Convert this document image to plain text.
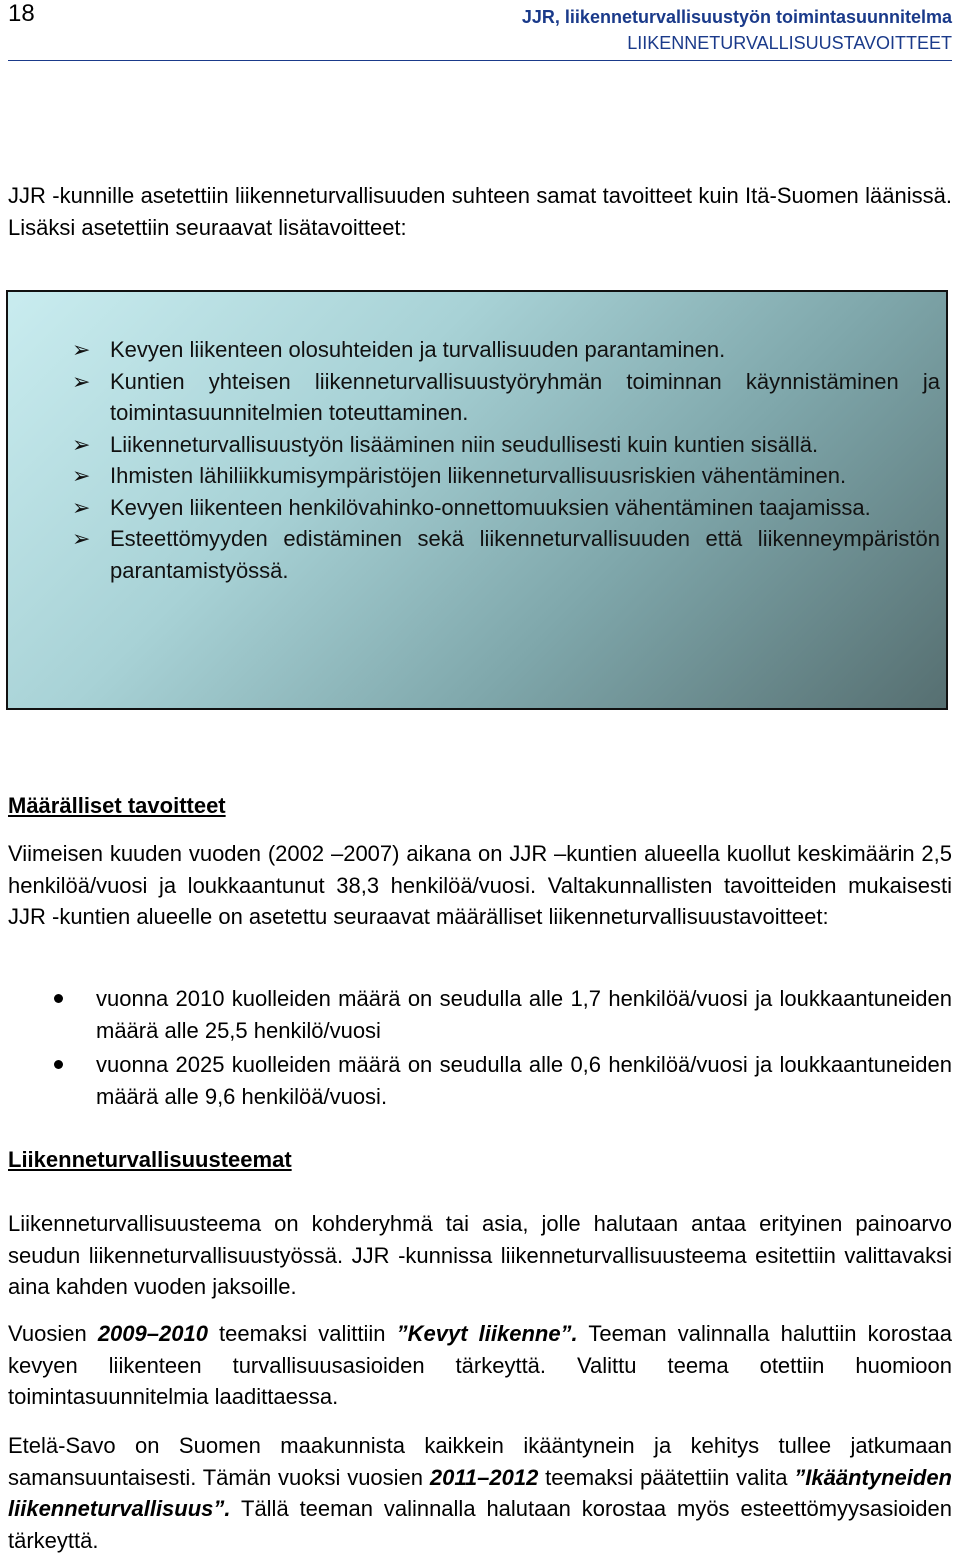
18	JJR, liikenneturvallisuustyön toimintasuunnitelma
LIIKENNETURVALLISUUSTAVOITTEET
JJR -kunnille asetettiin liikenneturvallisuuden suhteen samat tavoitteet kuin Itä-Suomen läänissä. Lisäksi asetettiin seuraavat lisätavoitteet:
➢ Kevyen liikenteen olosuhteiden ja turvallisuuden parantaminen.
➢ Kuntien yhteisen liikenneturvallisuustyöryhmän toiminnan käynnistäminen ja toimintasuunnitelmien toteuttaminen.
➢ Liikenneturvallisuustyön lisääminen niin seudullisesti kuin kuntien sisällä.
➢ Ihmisten lähiliikkumisympäristöjen liikenneturvallisuusriskien vähentäminen.
➢ Kevyen liikenteen henkilövahinko-onnettomuuksien vähentäminen taajamissa.
➢ Esteettömyyden edistäminen sekä liikenneturvallisuuden että liikenneympäristön parantamistyössä.
Määrälliset tavoitteet
Viimeisen kuuden vuoden (2002 –2007) aikana on JJR –kuntien alueella kuollut keskimäärin 2,5 henkilöä/vuosi ja loukkaantunut 38,3 henkilöä/vuosi. Valtakunnallisten tavoitteiden mukaisesti JJR -kuntien alueelle on asetettu seuraavat määrälliset liikenneturvallisuustavoitteet:
vuonna 2010 kuolleiden määrä on seudulla alle 1,7 henkilöä/vuosi ja loukkaantuneiden määrä alle 25,5 henkilö/vuosi
vuonna 2025 kuolleiden määrä on seudulla alle 0,6 henkilöä/vuosi ja loukkaantuneiden määrä alle 9,6 henkilöä/vuosi.
Liikenneturvallisuusteemat
Liikenneturvallisuusteema on kohderyhmä tai asia, jolle halutaan antaa erityinen painoarvo seudun liikenneturvallisuustyössä. JJR -kunnissa liikenneturvallisuusteema esitettiin valittavaksi aina kahden vuoden jaksoille.
Vuosien 2009–2010 teemaksi valittiin ”Kevyt liikenne”. Teeman valinnalla haluttiin korostaa kevyen liikenteen turvallisuusasioiden tärkeyttä. Valittu teema otettiin huomioon toimintasuunnitelmia laadittaessa.
Etelä-Savo on Suomen maakunnista kaikkein ikääntynein ja kehitys tullee jatkumaan samansuuntaisesti. Tämän vuoksi vuosien 2011–2012 teemaksi päätettiin valita ”Ikääntyneiden liikenneturvallisuus”. Tällä teeman valinnalla halutaan korostaa myös esteettömyysasioiden tärkeyttä.
